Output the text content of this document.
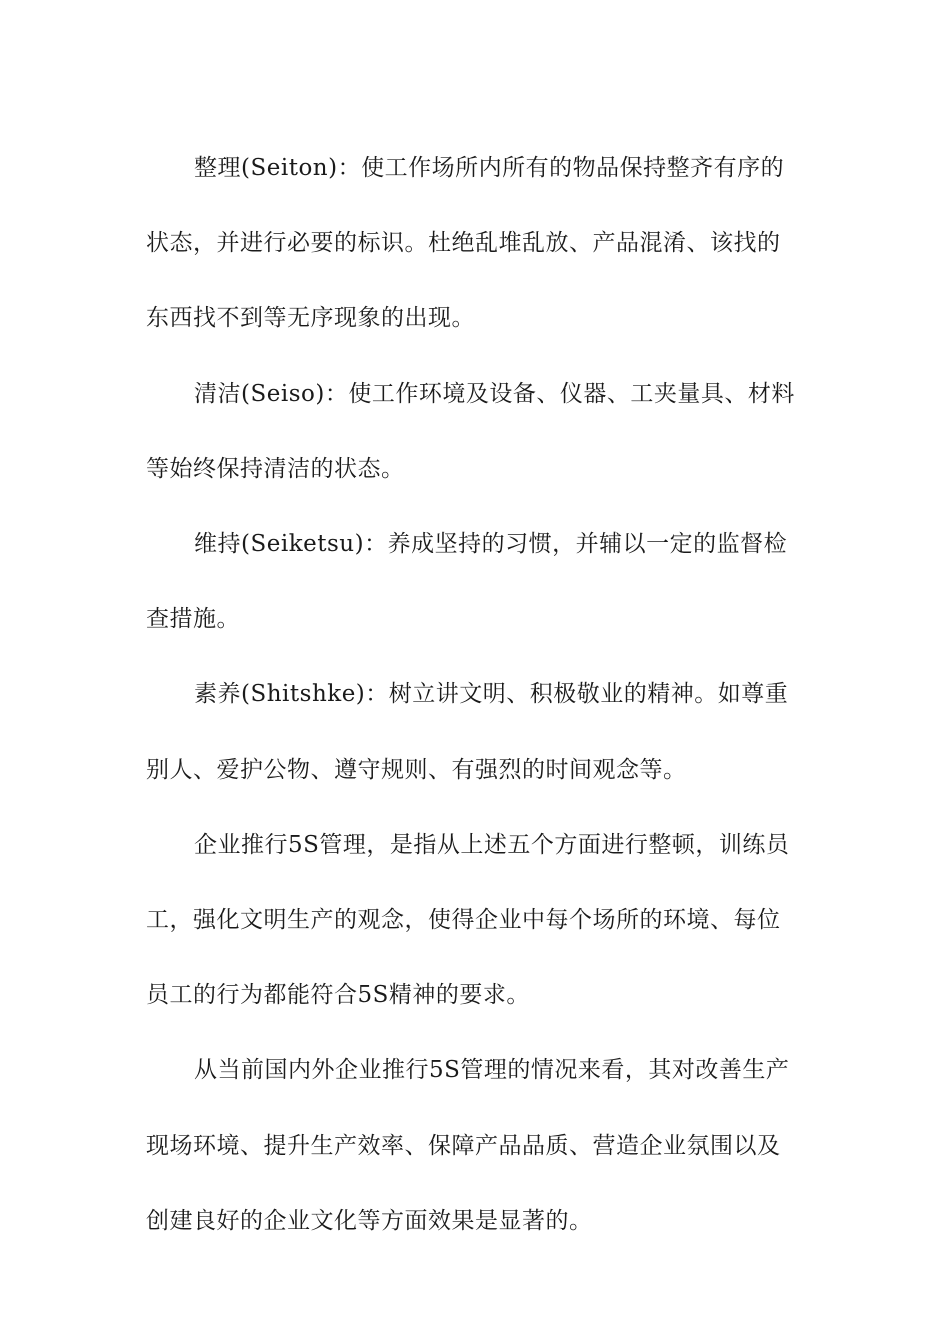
整理(Seiton)：使工作场所内所有的物品保持整齐有序的
状态，并进行必要的标识。杜绝乱堆乱放、产品混淆、该找的
东西找不到等无序现象的出现。

清洁(Seiso)：使工作环境及设备、仪器、工夹量具、材料
等始终保持清洁的状态。

维持(Seiketsu)：养成坚持的习惯，并辅以一定的监督检
查措施。

素养(Shitshke)：树立讲文明、积极敬业的精神。如尊重
别人、爱护公物、遵守规则、有强烈的时间观念等。

企业推行5S管理，是指从上述五个方面进行整顿，训练员
工，强化文明生产的观念，使得企业中每个场所的环境、每位
员工的行为都能符合5S精神的要求。

从当前国内外企业推行5S管理的情况来看，其对改善生产
现场环境、提升生产效率、保障产品品质、营造企业氛围以及
创建良好的企业文化等方面效果是显著的。
